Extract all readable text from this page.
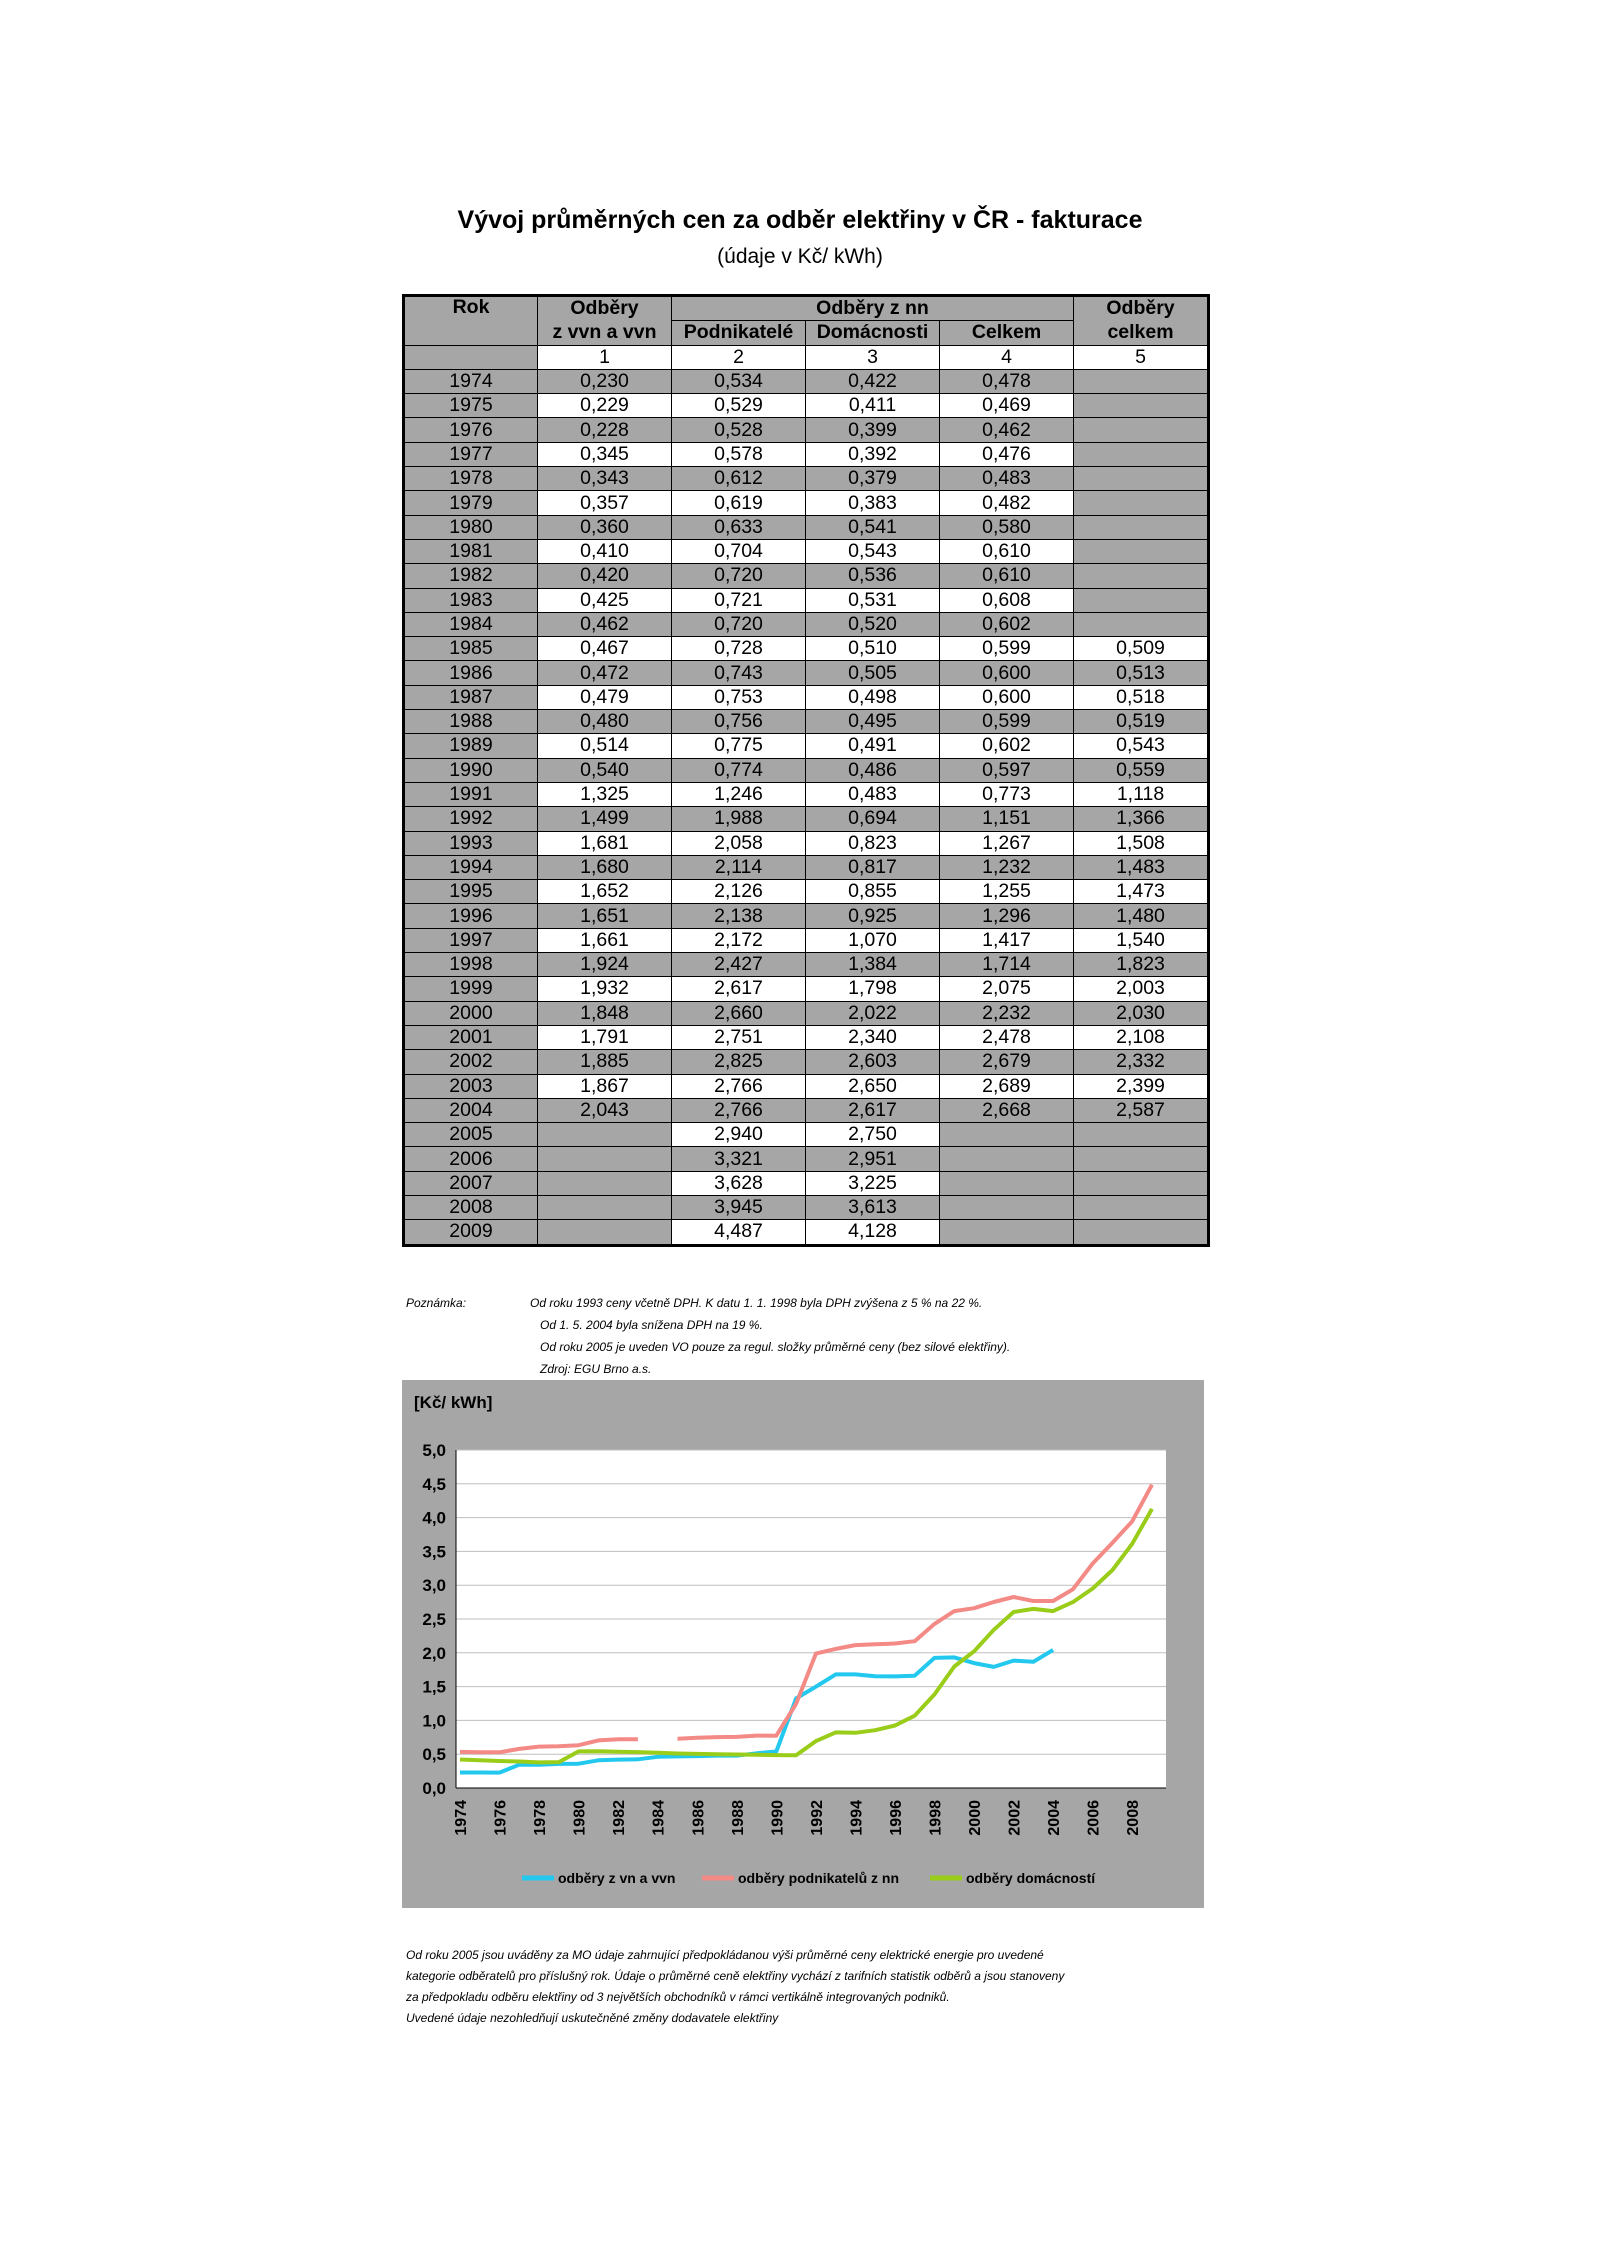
Vývoj průměrných cen za odběr elektřiny v ČR - fakturace
(údaje v Kč/ kWh)
Rok	Odběry	Odběry z nn			Odběry
	z vvn a vvn	Podnikatelé	Domácnosti	Celkem	celkem
	1	2	3	4	5
1974	0,230	0,534	0,422	0,478	
1975	0,229	0,529	0,411	0,469	
1976	0,228	0,528	0,399	0,462	
1977	0,345	0,578	0,392	0,476	
1978	0,343	0,612	0,379	0,483	
1979	0,357	0,619	0,383	0,482	
1980	0,360	0,633	0,541	0,580	
1981	0,410	0,704	0,543	0,610	
1982	0,420	0,720	0,536	0,610	
1983	0,425	0,721	0,531	0,608	
1984	0,462	0,720	0,520	0,602	
1985	0,467	0,728	0,510	0,599	0,509
1986	0,472	0,743	0,505	0,600	0,513
1987	0,479	0,753	0,498	0,600	0,518
1988	0,480	0,756	0,495	0,599	0,519
1989	0,514	0,775	0,491	0,602	0,543
1990	0,540	0,774	0,486	0,597	0,559
1991	1,325	1,246	0,483	0,773	1,118
1992	1,499	1,988	0,694	1,151	1,366
1993	1,681	2,058	0,823	1,267	1,508
1994	1,680	2,114	0,817	1,232	1,483
1995	1,652	2,126	0,855	1,255	1,473
1996	1,651	2,138	0,925	1,296	1,480
1997	1,661	2,172	1,070	1,417	1,540
1998	1,924	2,427	1,384	1,714	1,823
1999	1,932	2,617	1,798	2,075	2,003
2000	1,848	2,660	2,022	2,232	2,030
2001	1,791	2,751	2,340	2,478	2,108
2002	1,885	2,825	2,603	2,679	2,332
2003	1,867	2,766	2,650	2,689	2,399
2004	2,043	2,766	2,617	2,668	2,587
2005		2,940	2,750		
2006		3,321	2,951		
2007		3,628	3,225		
2008		3,945	3,613		
2009		4,487	4,128		
Poznámka:	Od roku 1993 ceny včetně DPH. K datu 1. 1. 1998 byla DPH zvýšena z 5 % na 22 %.
Od 1. 5. 2004 byla snížena DPH na 19 %.
Od roku 2005 je uveden VO pouze za regul. složky průměrné ceny (bez silové elektřiny).
Zdroj: EGU Brno a.s.
[Kč/ kWh]
0,0
0,5
1,0
1,5
2,0
2,5
3,0
3,5
4,0
4,5
5,0
1974 1976 1978 1980 1982 1984 1986 1988 1990 1992 1994 1996 1998 2000 2002 2004 2006 2008
odběry z vn a vvn	odběry podnikatelů z nn	odběry domácností
Od roku 2005 jsou uváděny za MO údaje zahrnující předpokládanou výši průměrné ceny elektrické energie pro uvedené
kategorie odběratelů pro příslušný rok. Údaje o průměrné ceně elektřiny vychází z tarifních statistik odběrů a jsou stanoveny
za předpokladu odběru elektřiny od 3 největších obchodníků v rámci vertikálně integrovaných podniků.
Uvedené údaje nezohledňují uskutečněné změny dodavatele elektřiny
